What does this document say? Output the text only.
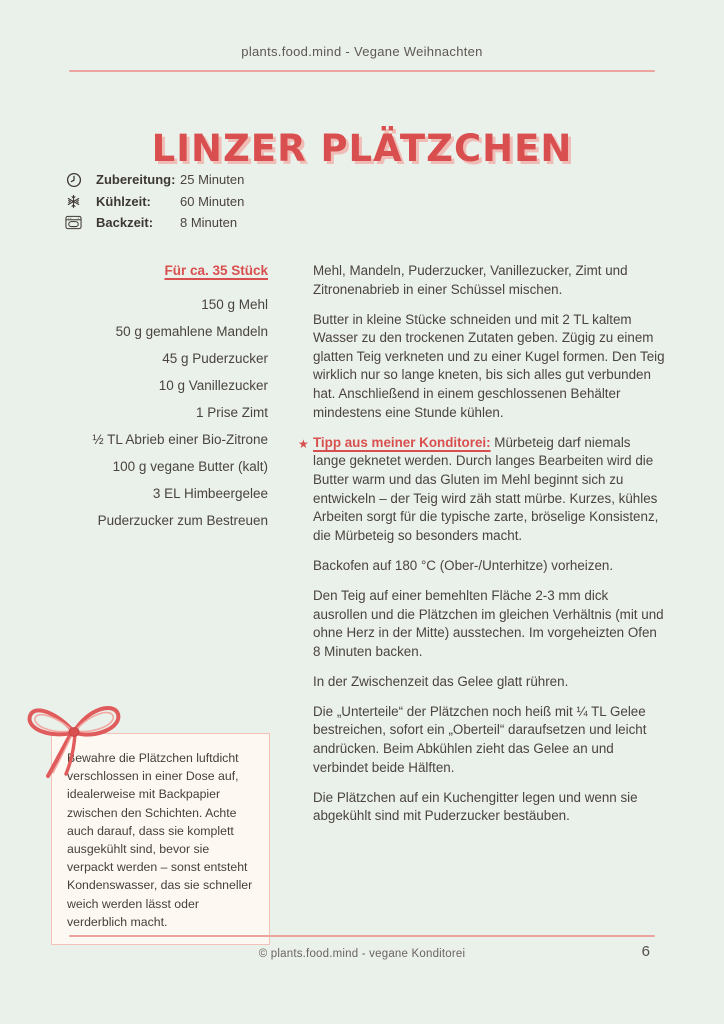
plants.food.mind - Vegane Weihnachten
LINZER PLÄTZCHEN
Zubereitung: 25 Minuten
Kühlzeit:	60 Minuten
Backzeit:	8 Minuten
Für ca. 35 Stück
150 g Mehl
50 g gemahlene Mandeln
45 g Puderzucker
10 g Vanillezucker
1 Prise Zimt
½ TL Abrieb einer Bio-Zitrone
100 g vegane Butter (kalt)
3 EL Himbeergelee
Puderzucker zum Bestreuen

Mehl, Mandeln, Puderzucker, Vanillezucker, Zimt und Zitronenabrieb in einer Schüssel mischen.

Butter in kleine Stücke schneiden und mit 2 TL kaltem Wasser zu den trockenen Zutaten geben. Zügig zu einem glatten Teig verkneten und zu einer Kugel formen. Den Teig wirklich nur so lange kneten, bis sich alles gut verbunden hat. Anschließend in einem geschlossenen Behälter mindestens eine Stunde kühlen.

★ Tipp aus meiner Konditorei: Mürbeteig darf niemals lange geknetet werden. Durch langes Bearbeiten wird die Butter warm und das Gluten im Mehl beginnt sich zu entwickeln – der Teig wird zäh statt mürbe. Kurzes, kühles Arbeiten sorgt für die typische zarte, bröselige Konsistenz, die Mürbeteig so besonders macht.

Backofen auf 180 °C (Ober-/Unterhitze) vorheizen.

Den Teig auf einer bemehlten Fläche 2-3 mm dick ausrollen und die Plätzchen im gleichen Verhältnis (mit und ohne Herz in der Mitte) ausstechen. Im vorgeheizten Ofen 8 Minuten backen.

In der Zwischenzeit das Gelee glatt rühren.

Die „Unterteile“ der Plätzchen noch heiß mit ¼ TL Gelee bestreichen, sofort ein „Oberteil“ daraufsetzen und leicht andrücken. Beim Abkühlen zieht das Gelee an und verbindet beide Hälften.

Die Plätzchen auf ein Kuchengitter legen und wenn sie abgekühlt sind mit Puderzucker bestäuben.

Bewahre die Plätzchen luftdicht verschlossen in einer Dose auf, idealerweise mit Backpapier zwischen den Schichten. Achte auch darauf, dass sie komplett ausgekühlt sind, bevor sie verpackt werden – sonst entsteht Kondenswasser, das sie schneller weich werden lässt oder verderblich macht.
© plants.food.mind - vegane Konditorei	6
